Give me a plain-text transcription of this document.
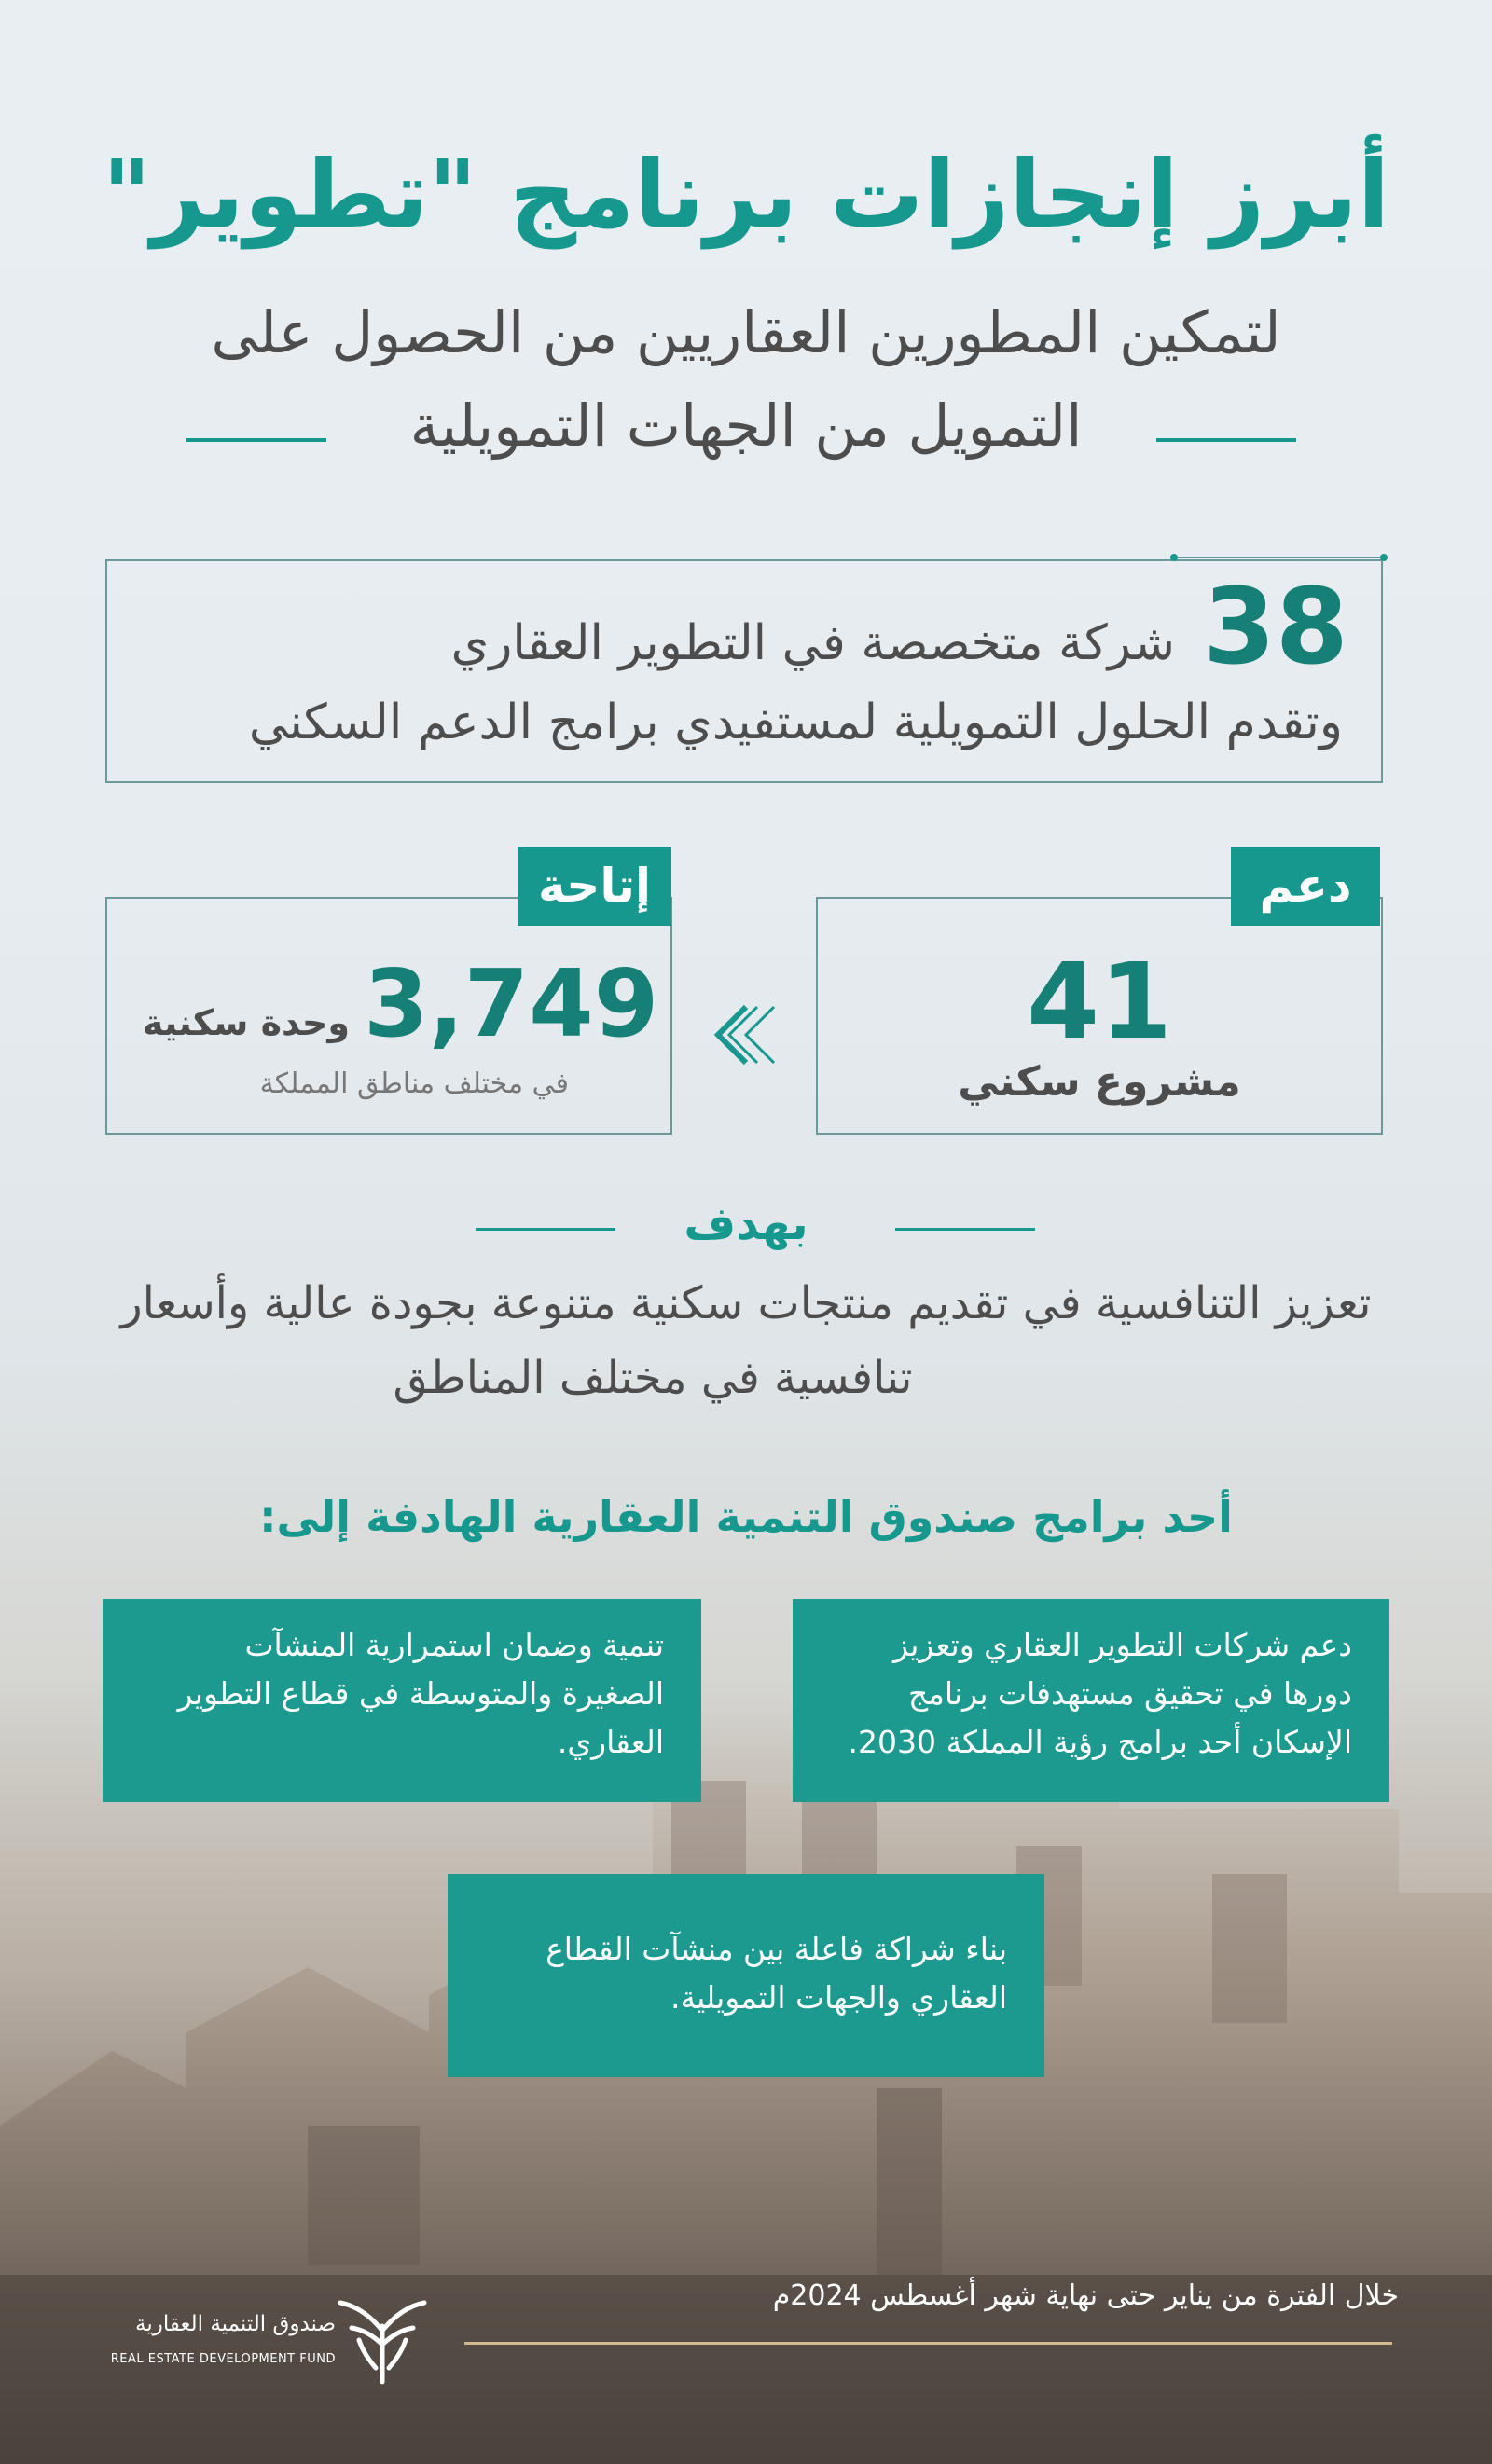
أبرز إنجازات برنامج "تطوير"
لتمكين المطورين العقاريين من الحصول على
التمويل من الجهات التمويلية
38
شركة متخصصة في التطوير العقاري
وتقدم الحلول التمويلية لمستفيدي برامج الدعم السكني
دعم
41
مشروع سكني
إتاحة
3,749
وحدة سكنية
في مختلف مناطق المملكة
بهدف
تعزيز التنافسية في تقديم منتجات سكنية متنوعة بجودة عالية وأسعار
تنافسية في مختلف المناطق
أحد برامج صندوق التنمية العقارية الهادفة إلى:
دعم شركات التطوير العقاري وتعزيز دورها في تحقيق مستهدفات برنامج الإسكان أحد برامج رؤية المملكة 2030.
تنمية وضمان استمرارية المنشآت الصغيرة والمتوسطة في قطاع التطوير العقاري.
بناء شراكة فاعلة بين منشآت القطاع العقاري والجهات التمويلية.
خلال الفترة من يناير حتى نهاية شهر أغسطس 2024م
صندوق التنمية العقارية
REAL ESTATE DEVELOPMENT FUND
